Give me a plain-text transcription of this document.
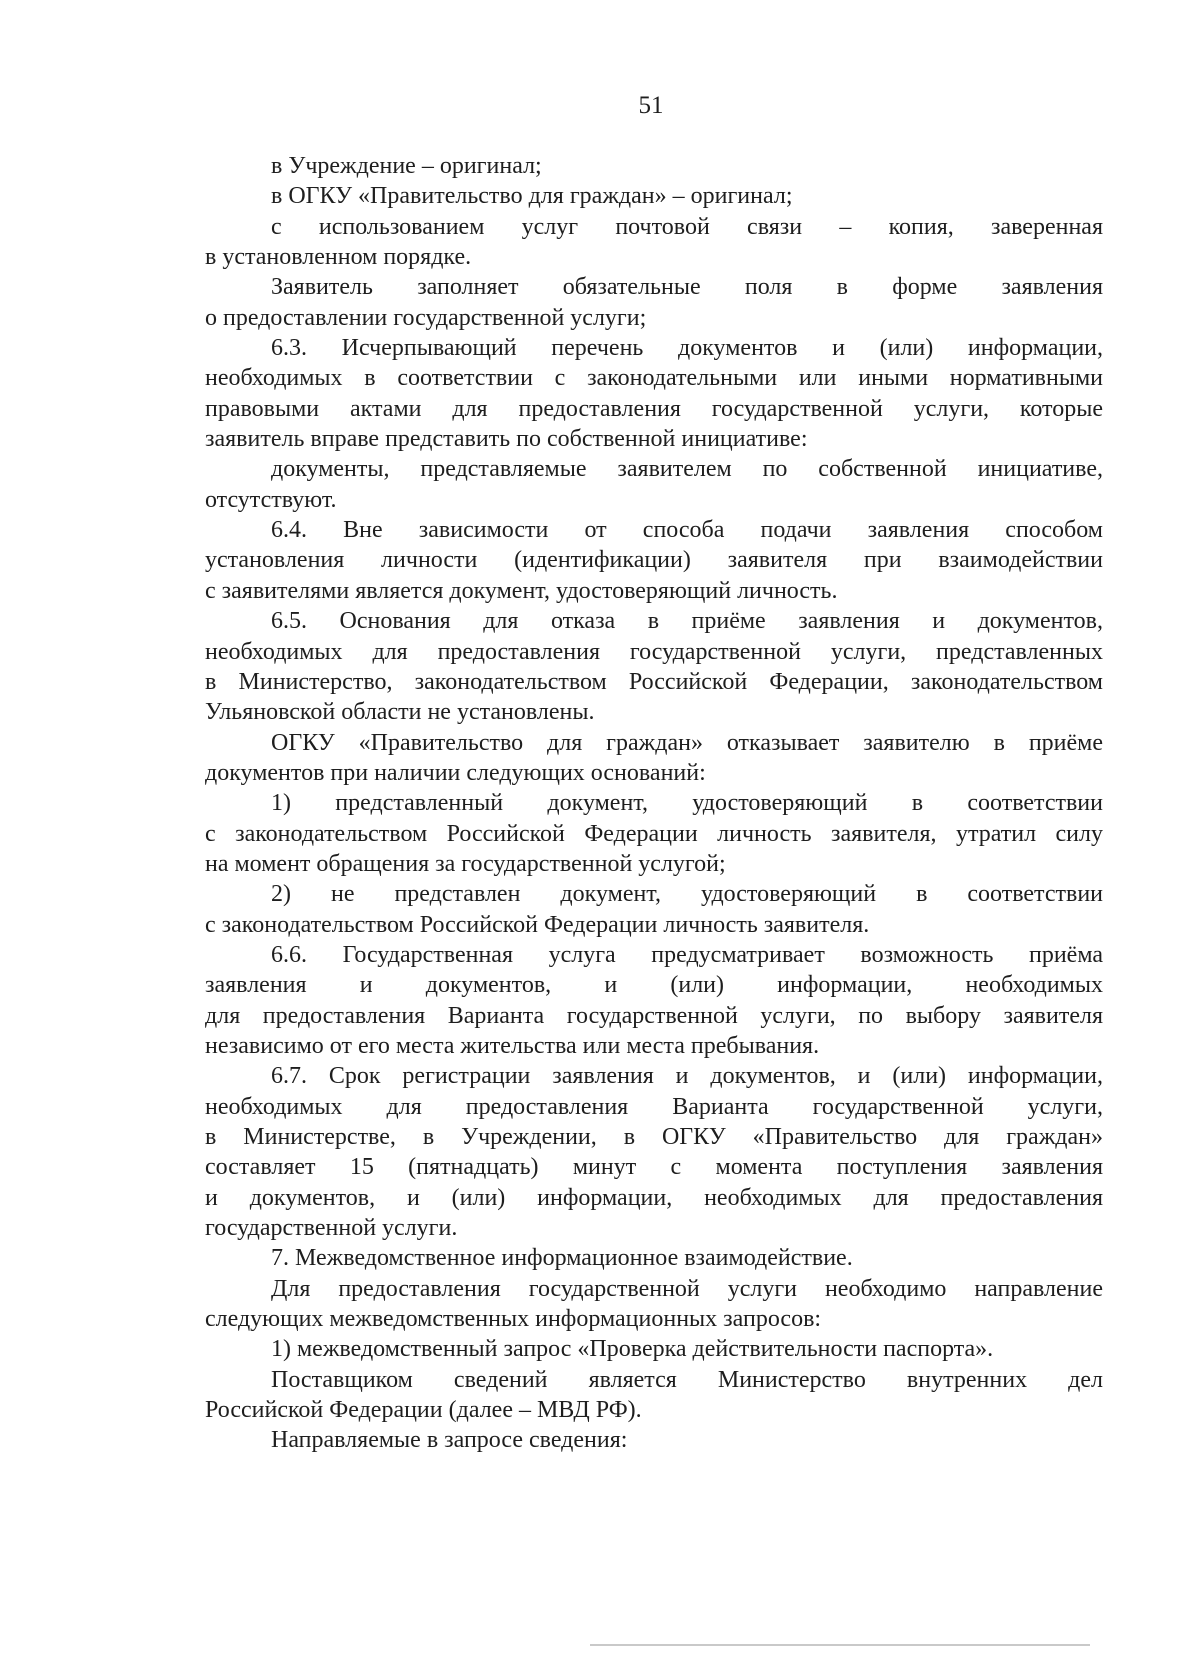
51
в Учреждение – оригинал;
в ОГКУ «Правительство для граждан» – оригинал;
с использованием услуг почтовой связи – копия, заверенная
в установленном порядке.
Заявитель заполняет обязательные поля в форме заявления
о предоставлении государственной услуги;
6.3. Исчерпывающий перечень документов и (или) информации,
необходимых в соответствии с законодательными или иными нормативными
правовыми актами для предоставления государственной услуги, которые
заявитель вправе представить по собственной инициативе:
документы, представляемые заявителем по собственной инициативе,
отсутствуют.
6.4. Вне зависимости от способа подачи заявления способом
установления личности (идентификации) заявителя при взаимодействии
с заявителями является документ, удостоверяющий личность.
6.5. Основания для отказа в приёме заявления и документов,
необходимых для предоставления государственной услуги, представленных
в Министерство, законодательством Российской Федерации, законодательством
Ульяновской области не установлены.
ОГКУ «Правительство для граждан» отказывает заявителю в приёме
документов при наличии следующих оснований:
1) представленный документ, удостоверяющий в соответствии
с законодательством Российской Федерации личность заявителя, утратил силу
на момент обращения за государственной услугой;
2) не представлен документ, удостоверяющий в соответствии
с законодательством Российской Федерации личность заявителя.
6.6. Государственная услуга предусматривает возможность приёма
заявления и документов, и (или) информации, необходимых
для предоставления Варианта государственной услуги, по выбору заявителя
независимо от его места жительства или места пребывания.
6.7. Срок регистрации заявления и документов, и (или) информации,
необходимых для предоставления Варианта государственной услуги,
в Министерстве, в Учреждении, в ОГКУ «Правительство для граждан»
составляет 15 (пятнадцать) минут с момента поступления заявления
и документов, и (или) информации, необходимых для предоставления
государственной услуги.
7. Межведомственное информационное взаимодействие.
Для предоставления государственной услуги необходимо направление
следующих межведомственных информационных запросов:
1) межведомственный запрос «Проверка действительности паспорта».
Поставщиком сведений является Министерство внутренних дел
Российской Федерации (далее – МВД РФ).
Направляемые в запросе сведения:
